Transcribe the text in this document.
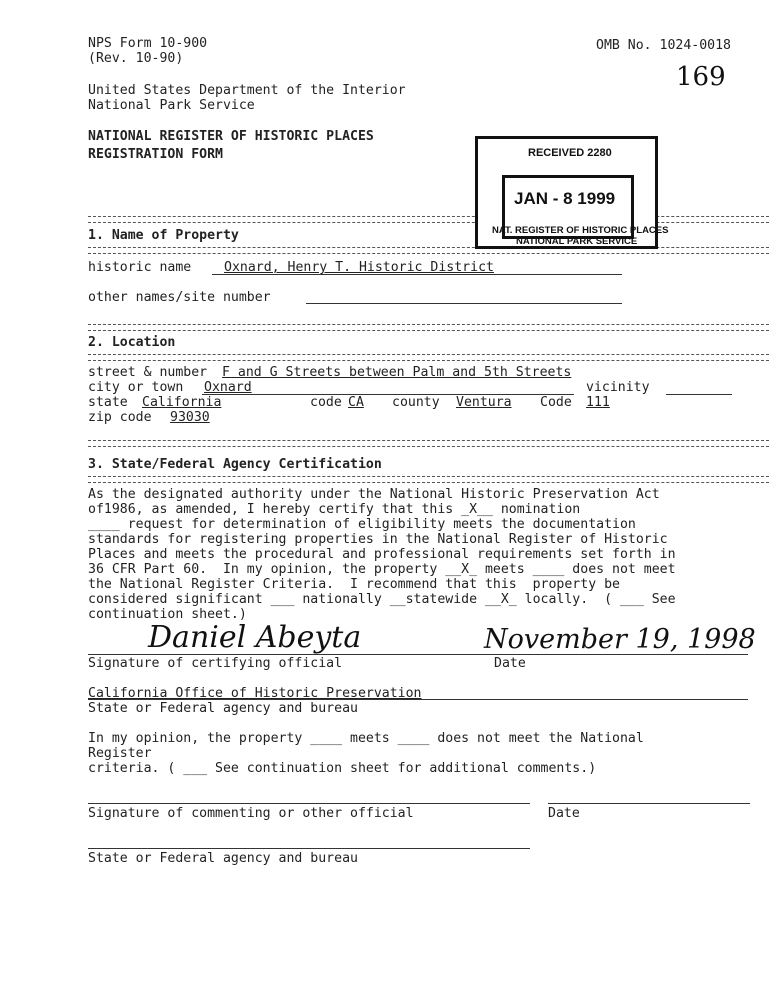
NPS Form 10-900
(Rev. 10-90)
OMB No. 1024-0018
169
United States Department of the Interior
National Park Service
NATIONAL REGISTER OF HISTORIC PLACES
REGISTRATION FORM
1. Name of Property
historic name Oxnard, Henry T. Historic District
other names/site number
2. Location
street & number F and G Streets between Palm and 5th Streets
city or town Oxnard	vicinity
state California	code CA county Ventura Code 111
zip code 93030
3. State/Federal Agency Certification
As the designated authority under the National Historic Preservation Act
of1986, as amended, I hereby certify that this _X__ nomination
____ request for determination of eligibility meets the documentation
standards for registering properties in the National Register of Historic
Places and meets the procedural and professional requirements set forth in
36 CFR Part 60.  In my opinion, the property __X_ meets ____ does not meet
the National Register Criteria.  I recommend that this  property be
considered significant ___ nationally __statewide __X_ locally.  ( ___ See
continuation sheet.)
Daniel Abeyta	November 19, 1998
Signature of certifying official	Date
California Office of Historic Preservation
State or Federal agency and bureau
In my opinion, the property ____ meets ____ does not meet the National
Register
criteria. ( ___ See continuation sheet for additional comments.)
Signature of commenting or other official	Date
State or Federal agency and bureau
RECEIVED 2280
JAN - 8 1999
NAT. REGISTER OF HISTORIC PLACES
NATIONAL PARK SERVICE
